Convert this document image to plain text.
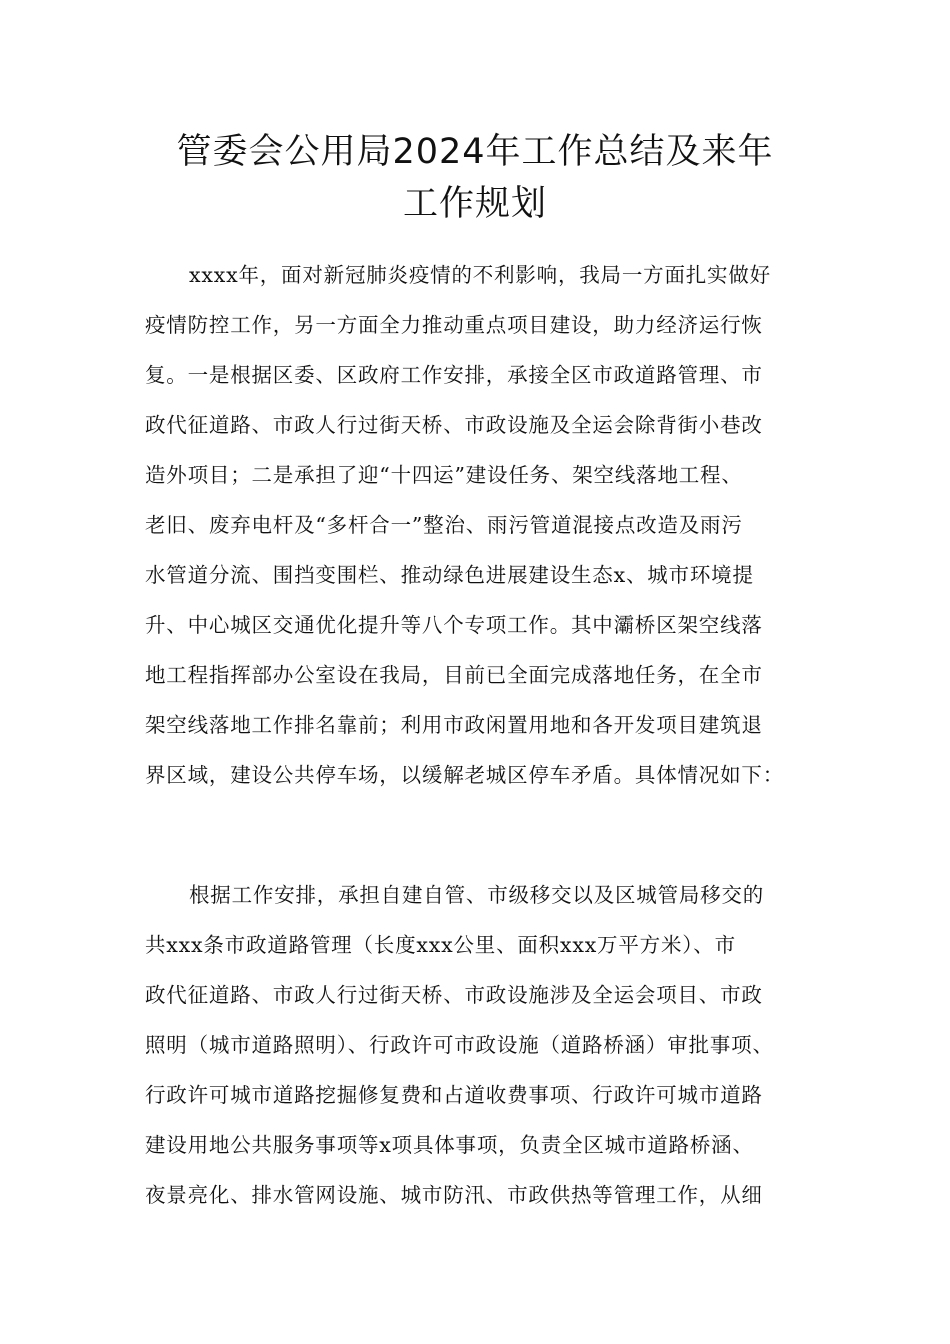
管委会公用局2024年工作总结及来年
工作规划
xxxx年，面对新冠肺炎疫情的不利影响，我局一方面扎实做好
疫情防控工作，另一方面全力推动重点项目建设，助力经济运行恢
复。一是根据区委、区政府工作安排，承接全区市政道路管理、市
政代征道路、市政人行过街天桥、市政设施及全运会除背街小巷改
造外项目；二是承担了迎“十四运”建设任务、架空线落地工程、
老旧、废弃电杆及“多杆合一”整治、雨污管道混接点改造及雨污
水管道分流、围挡变围栏、推动绿色进展建设生态x、城市环境提
升、中心城区交通优化提升等八个专项工作。其中灞桥区架空线落
地工程指挥部办公室设在我局，目前已全面完成落地任务，在全市
架空线落地工作排名靠前；利用市政闲置用地和各开发项目建筑退
界区域，建设公共停车场，以缓解老城区停车矛盾。具体情况如下：
根据工作安排，承担自建自管、市级移交以及区城管局移交的
共xxx条市政道路管理（长度xxx公里、面积xxx万平方米）、市
政代征道路、市政人行过街天桥、市政设施涉及全运会项目、市政
照明（城市道路照明）、行政许可市政设施（道路桥涵）审批事项、
行政许可城市道路挖掘修复费和占道收费事项、行政许可城市道路
建设用地公共服务事项等x项具体事项，负责全区城市道路桥涵、
夜景亮化、排水管网设施、城市防汛、市政供热等管理工作，从细
